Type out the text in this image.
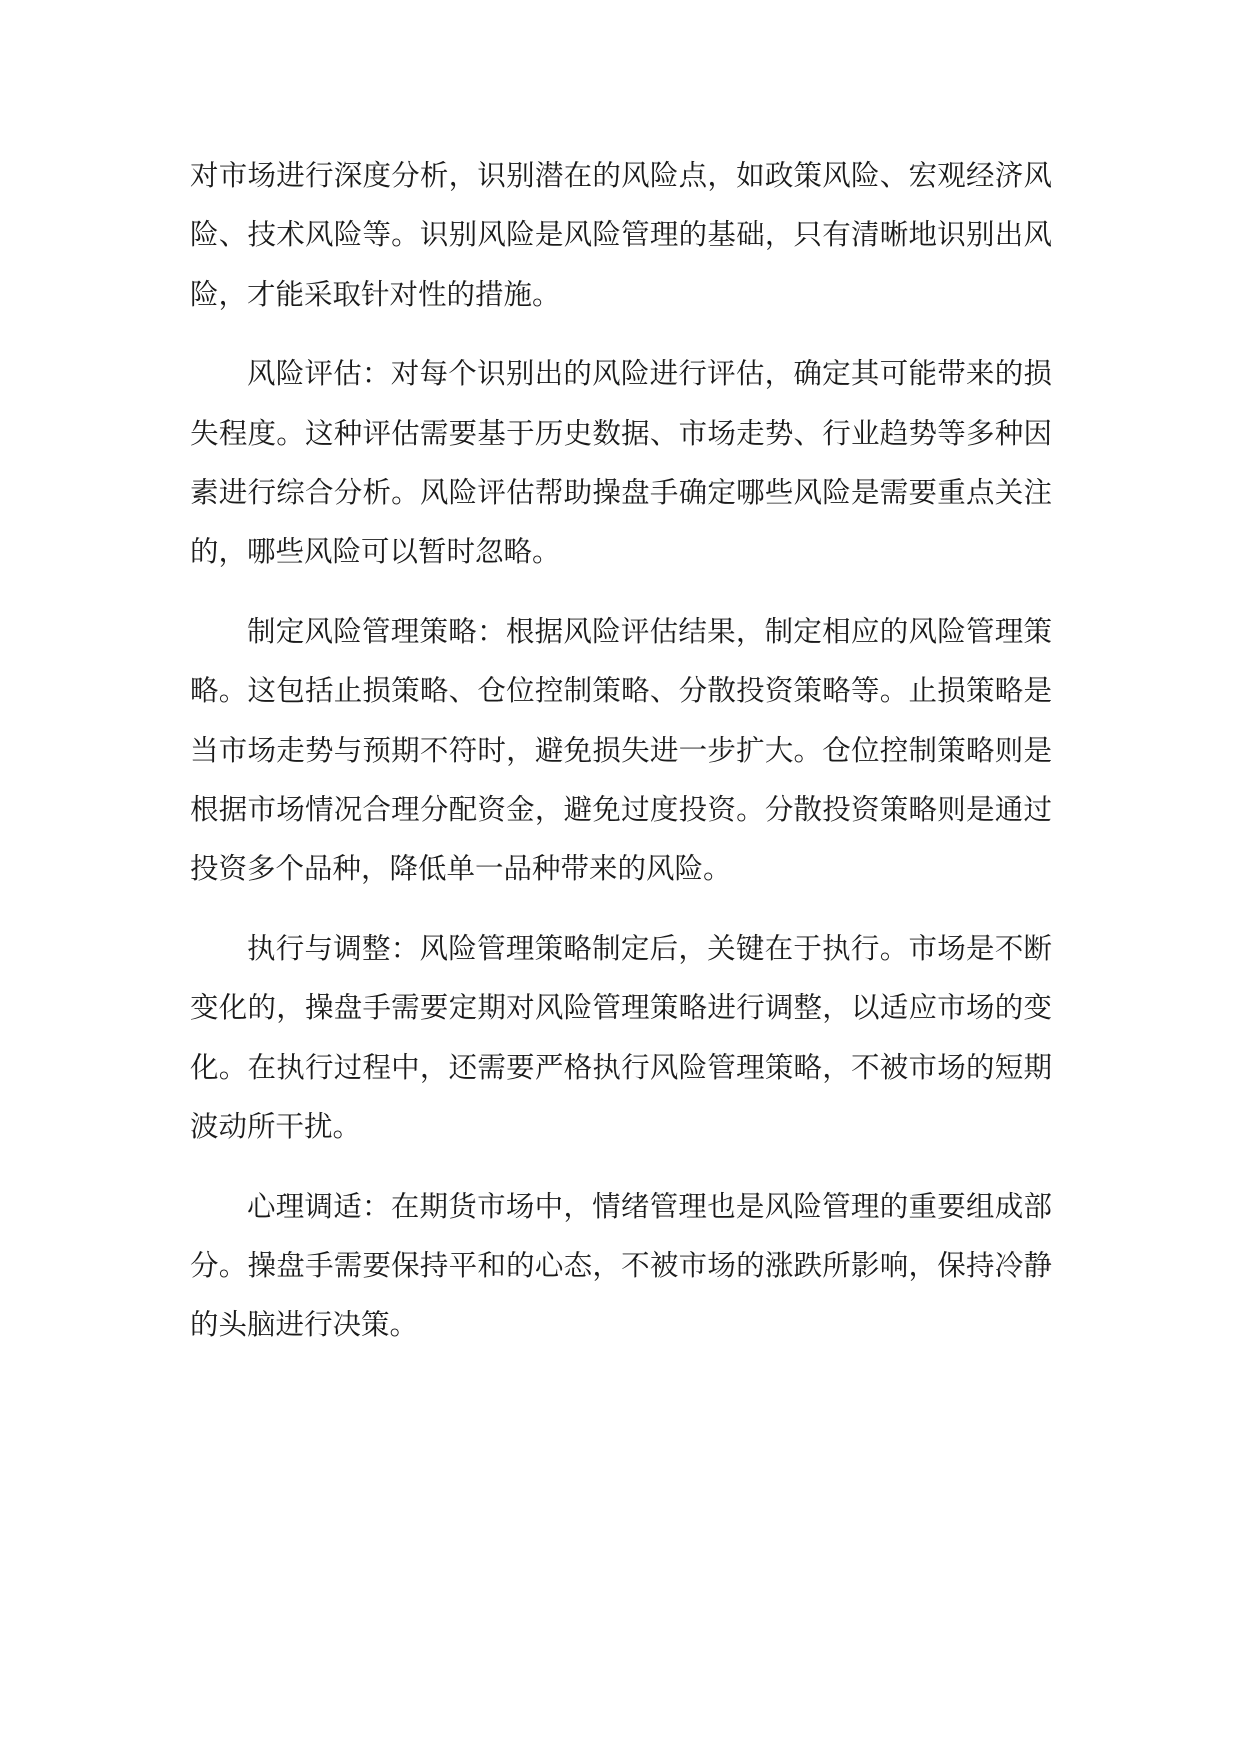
对市场进行深度分析，识别潜在的风险点，如政策风险、宏观经济风险、技术风险等。识别风险是风险管理的基础，只有清晰地识别出风险，才能采取针对性的措施。

风险评估：对每个识别出的风险进行评估，确定其可能带来的损失程度。这种评估需要基于历史数据、市场走势、行业趋势等多种因素进行综合分析。风险评估帮助操盘手确定哪些风险是需要重点关注的，哪些风险可以暂时忽略。

制定风险管理策略：根据风险评估结果，制定相应的风险管理策略。这包括止损策略、仓位控制策略、分散投资策略等。止损策略是当市场走势与预期不符时，避免损失进一步扩大。仓位控制策略则是根据市场情况合理分配资金，避免过度投资。分散投资策略则是通过投资多个品种，降低单一品种带来的风险。

执行与调整：风险管理策略制定后，关键在于执行。市场是不断变化的，操盘手需要定期对风险管理策略进行调整，以适应市场的变化。在执行过程中，还需要严格执行风险管理策略，不被市场的短期波动所干扰。

心理调适：在期货市场中，情绪管理也是风险管理的重要组成部分。操盘手需要保持平和的心态，不被市场的涨跌所影响，保持冷静的头脑进行决策。
